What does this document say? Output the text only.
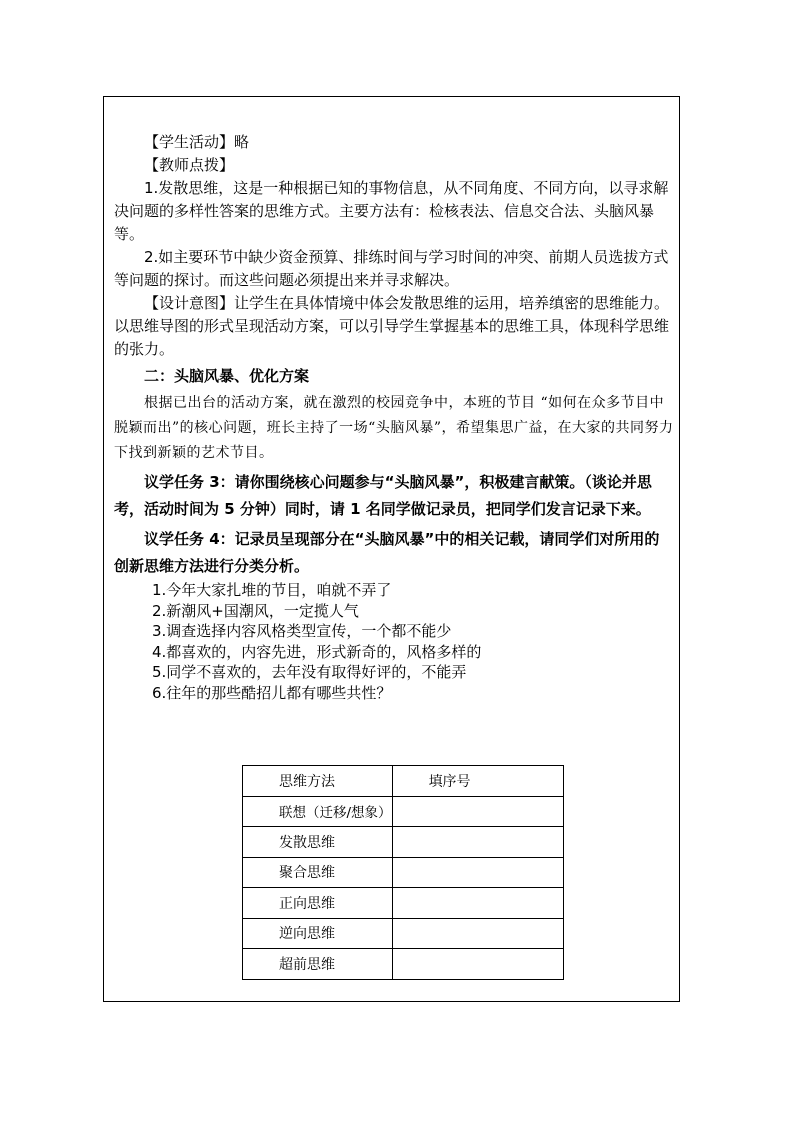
【学生活动】略

【教师点拨】

1.发散思维，这是一种根据已知的事物信息，从不同角度、不同方向，以寻求解决问题的多样性答案的思维方式。主要方法有：检核表法、信息交合法、头脑风暴等。

2.如主要环节中缺少资金预算、排练时间与学习时间的冲突、前期人员选拔方式等问题的探讨。而这些问题必须提出来并寻求解决。

【设计意图】让学生在具体情境中体会发散思维的运用，培养缜密的思维能力。以思维导图的形式呈现活动方案，可以引导学生掌握基本的思维工具，体现科学思维的张力。

二：头脑风暴、优化方案

根据已出台的活动方案，就在激烈的校园竞争中，本班的节目 “如何在众多节目中脱颖而出”的核心问题，班长主持了一场“头脑风暴”，希望集思广益，在大家的共同努力下找到新颖的艺术节目。

议学任务 3：请你围绕核心问题参与“头脑风暴”，积极建言献策。（谈论并思考，活动时间为 5 分钟）同时，请 1 名同学做记录员，把同学们发言记录下来。

议学任务 4：记录员呈现部分在“头脑风暴”中的相关记载，请同学们对所用的创新思维方法进行分类分析。

1.今年大家扎堆的节目，咱就不弄了

2.新潮风+国潮风，一定揽人气

3.调查选择内容风格类型宣传，一个都不能少

4.都喜欢的，内容先进，形式新奇的，风格多样的

5.同学不喜欢的，去年没有取得好评的，不能弄

6.往年的那些酷招儿都有哪些共性？

思维方法	填序号
联想（迁移/想象）	
发散思维	
聚合思维	
正向思维	
逆向思维	
超前思维	
